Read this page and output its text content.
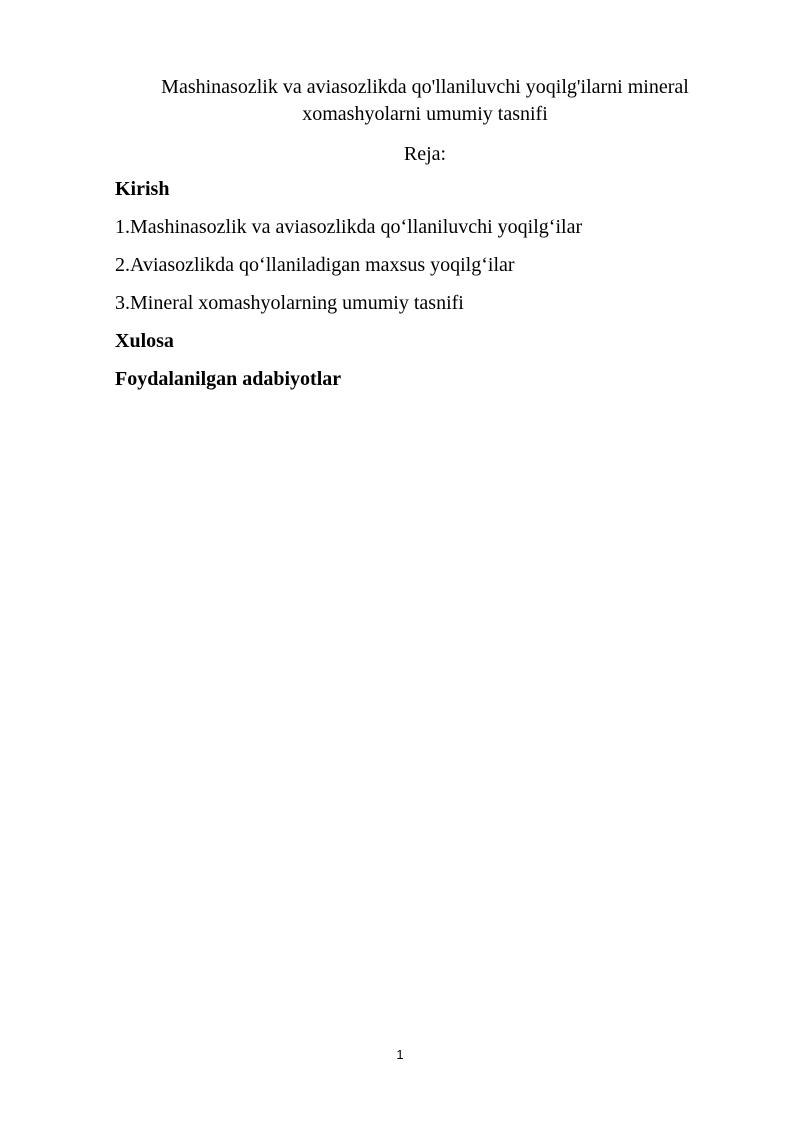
Mashinasozlik va aviasozlikda qo'llaniluvchi yoqilg'ilarni mineral
xomashyolarni umumiy tasnifi
Reja:
Kirish
1.Mashinasozlik va aviasozlikda qo‘llaniluvchi yoqilg‘ilar
2.Aviasozlikda qo‘llaniladigan maxsus yoqilg‘ilar
3.Mineral xomashyolarning umumiy tasnifi
Xulosa
Foydalanilgan adabiyotlar
1
